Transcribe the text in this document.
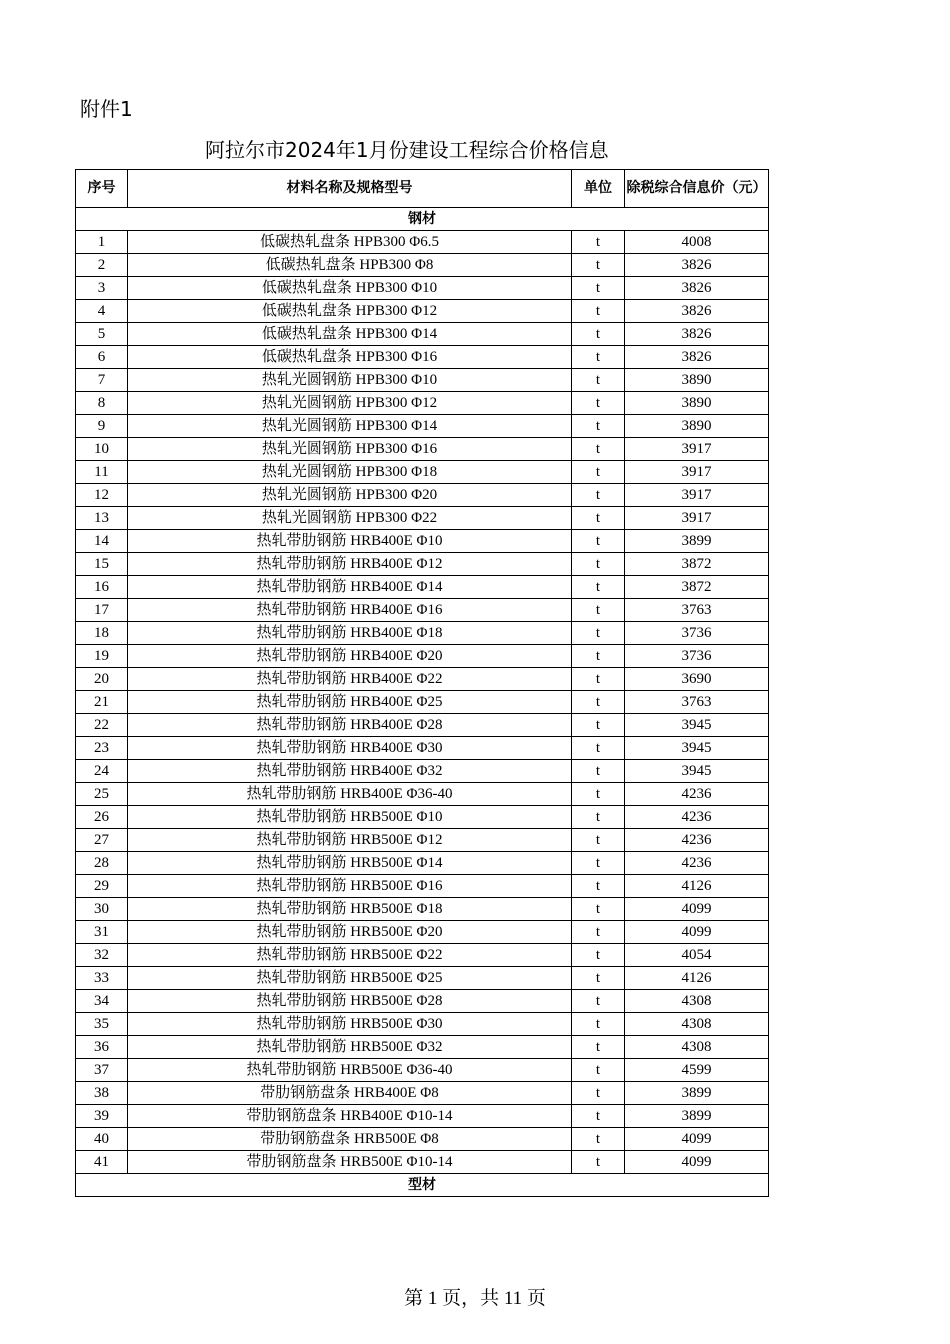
附件1
阿拉尔市2024年1月份建设工程综合价格信息
序号	材料名称及规格型号	单位	除税综合信息价（元）
钢材			
1	低碳热轧盘条 HPB300 Φ6.5	t	4008
2	低碳热轧盘条 HPB300 Φ8	t	3826
3	低碳热轧盘条 HPB300 Φ10	t	3826
4	低碳热轧盘条 HPB300 Φ12	t	3826
5	低碳热轧盘条 HPB300 Φ14	t	3826
6	低碳热轧盘条 HPB300 Φ16	t	3826
7	热轧光圆钢筋 HPB300 Φ10	t	3890
8	热轧光圆钢筋 HPB300 Φ12	t	3890
9	热轧光圆钢筋 HPB300 Φ14	t	3890
10	热轧光圆钢筋 HPB300 Φ16	t	3917
11	热轧光圆钢筋 HPB300 Φ18	t	3917
12	热轧光圆钢筋 HPB300 Φ20	t	3917
13	热轧光圆钢筋 HPB300 Φ22	t	3917
14	热轧带肋钢筋 HRB400E Φ10	t	3899
15	热轧带肋钢筋 HRB400E Φ12	t	3872
16	热轧带肋钢筋 HRB400E Φ14	t	3872
17	热轧带肋钢筋 HRB400E Φ16	t	3763
18	热轧带肋钢筋 HRB400E Φ18	t	3736
19	热轧带肋钢筋 HRB400E Φ20	t	3736
20	热轧带肋钢筋 HRB400E Φ22	t	3690
21	热轧带肋钢筋 HRB400E Φ25	t	3763
22	热轧带肋钢筋 HRB400E Φ28	t	3945
23	热轧带肋钢筋 HRB400E Φ30	t	3945
24	热轧带肋钢筋 HRB400E Φ32	t	3945
25	热轧带肋钢筋 HRB400E Φ36-40	t	4236
26	热轧带肋钢筋 HRB500E Φ10	t	4236
27	热轧带肋钢筋 HRB500E Φ12	t	4236
28	热轧带肋钢筋 HRB500E Φ14	t	4236
29	热轧带肋钢筋 HRB500E Φ16	t	4126
30	热轧带肋钢筋 HRB500E Φ18	t	4099
31	热轧带肋钢筋 HRB500E Φ20	t	4099
32	热轧带肋钢筋 HRB500E Φ22	t	4054
33	热轧带肋钢筋 HRB500E Φ25	t	4126
34	热轧带肋钢筋 HRB500E Φ28	t	4308
35	热轧带肋钢筋 HRB500E Φ30	t	4308
36	热轧带肋钢筋 HRB500E Φ32	t	4308
37	热轧带肋钢筋 HRB500E Φ36-40	t	4599
38	带肋钢筋盘条 HRB400E Φ8	t	3899
39	带肋钢筋盘条 HRB400E Φ10-14	t	3899
40	带肋钢筋盘条 HRB500E Φ8	t	4099
41	带肋钢筋盘条 HRB500E Φ10-14	t	4099
型材			
第 1 页，共 11 页
